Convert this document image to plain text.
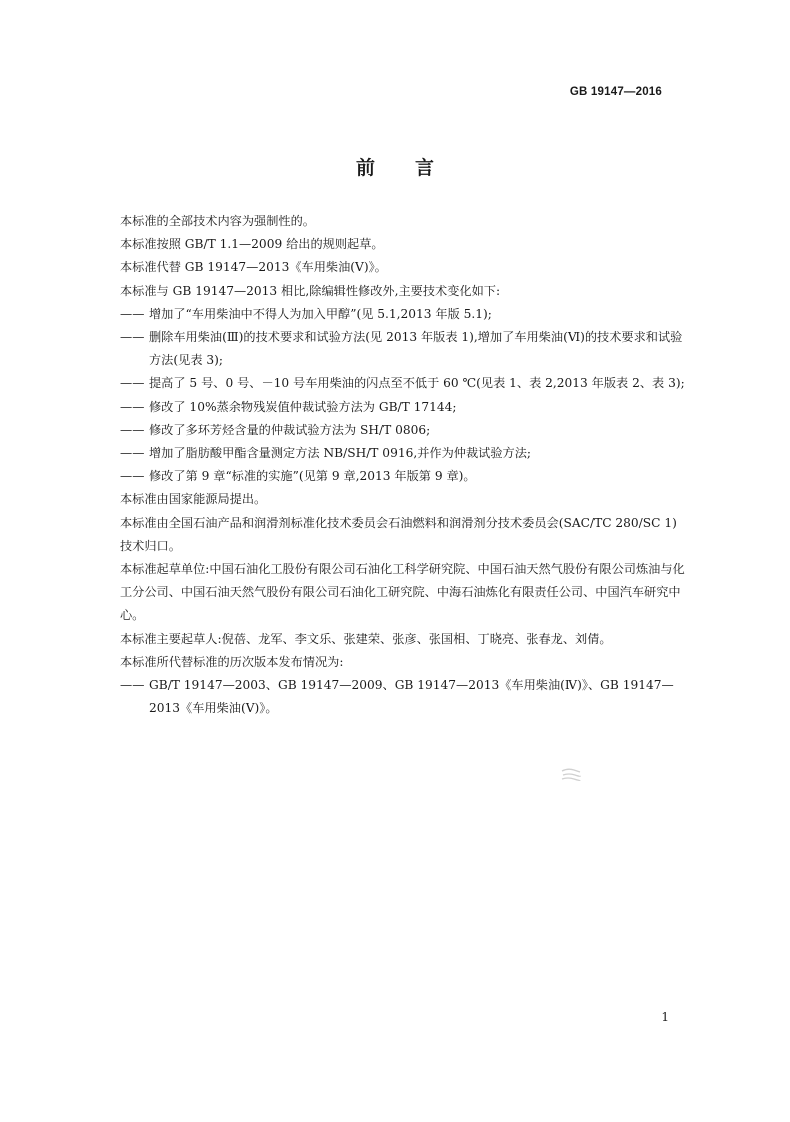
GB 19147—2016
前言

本标准的全部技术内容为强制性的。

本标准按照 GB/T 1.1—2009 给出的规则起草。

本标准代替 GB 19147—2013《车用柴油(Ⅴ)》。

本标准与 GB 19147—2013 相比,除编辑性修改外,主要技术变化如下:

—— 增加了“车用柴油中不得人为加入甲醇”(见 5.1,2013 年版 5.1);
—— 删除车用柴油(Ⅲ)的技术要求和试验方法(见 2013 年版表 1),增加了车用柴油(Ⅵ)的技术要求和试验方法(见表 3);
—— 提高了 5 号、0 号、－10 号车用柴油的闪点至不低于 60 ℃(见表 1、表 2,2013 年版表 2、表 3);
—— 修改了 10%蒸余物残炭值仲裁试验方法为 GB/T 17144;
—— 修改了多环芳烃含量的仲裁试验方法为 SH/T 0806;
—— 增加了脂肪酸甲酯含量测定方法 NB/SH/T 0916,并作为仲裁试验方法;
—— 修改了第 9 章“标准的实施”(见第 9 章,2013 年版第 9 章)。

本标准由国家能源局提出。

本标准由全国石油产品和润滑剂标准化技术委员会石油燃料和润滑剂分技术委员会(SAC/TC 280/SC 1)技术归口。

本标准起草单位:中国石油化工股份有限公司石油化工科学研究院、中国石油天然气股份有限公司炼油与化工分公司、中国石油天然气股份有限公司石油化工研究院、中海石油炼化有限责任公司、中国汽车研究中心。

本标准主要起草人:倪蓓、龙军、李文乐、张建荣、张彦、张国相、丁晓亮、张春龙、刘倩。

本标准所代替标准的历次版本发布情况为:

—— GB/T 19147—2003、GB 19147—2009、GB 19147—2013《车用柴油(Ⅳ)》、GB 19147—2013《车用柴油(Ⅴ)》。
1
